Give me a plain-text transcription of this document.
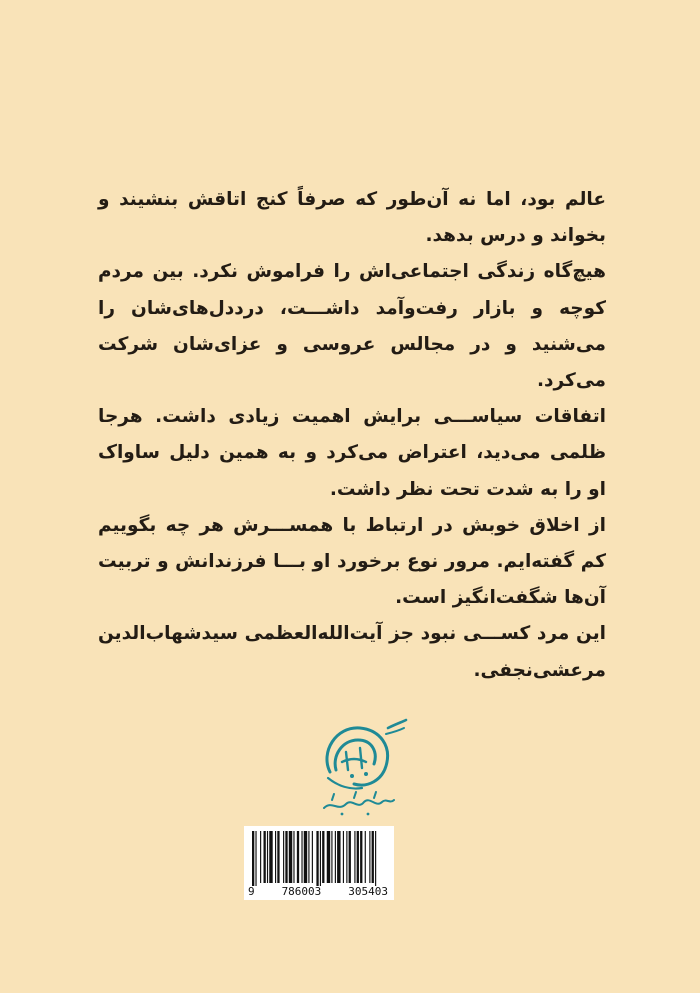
عالم بود، اما نه آن‌طور که صرفاً کنج اتاقش بنشیند و بخواند و درس بدهد.

هیچ‌گاه زندگی اجتماعی‌اش را فراموش نکرد. بین مردم کوچه و بازار رفت‌وآمد داشـــت، درددل‌های‌شان را می‌شنید و در مجالس عروسی و عزای‌شان شرکت می‌کرد.

اتفاقات سیاســـی برایش اهمیت زیادی داشت. هرجا ظلمی می‌دید، اعتراض می‌کرد و به همین دلیل ساواک او را به شدت تحت نظر داشت.

از اخلاق خوبش در ارتباط با همســـرش هر چه بگوییم کم گفته‌ایم. مرور نوع برخورد او بـــا فرزندانش و تربیت آن‌ها شگفت‌انگیز است.

این مرد کســـی نبود جز آیت‌الله‌العظمی سیدشهاب‌الدین مرعشی‌نجفی.

9 786003 305403
